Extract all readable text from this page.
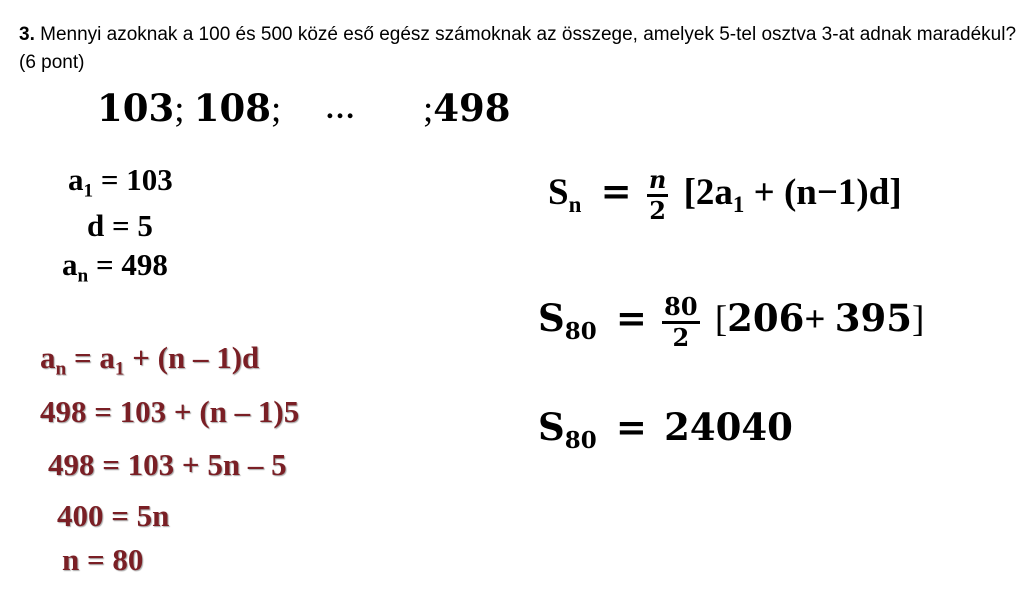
3. Mennyi azoknak a 100 és 500 közé eső egész számoknak az összege, amelyek 5-tel osztva 3-at adnak maradékul?
(6 pont)
103; 108; … ;498
$a_1 = 103$
d = 5
$a_n = 498$
$a_n = a_1 + (n - 1)d$
498 = 103 + (n – 1)5
498 = 103 + 5n – 5
400 = 5n
n = 80
$S_n = \frac{n}{2} [2a_1 + (n-1)d]$
$S_{80} = \frac{80}{2} [206+ 395]$
$S_{80} = 24040$
